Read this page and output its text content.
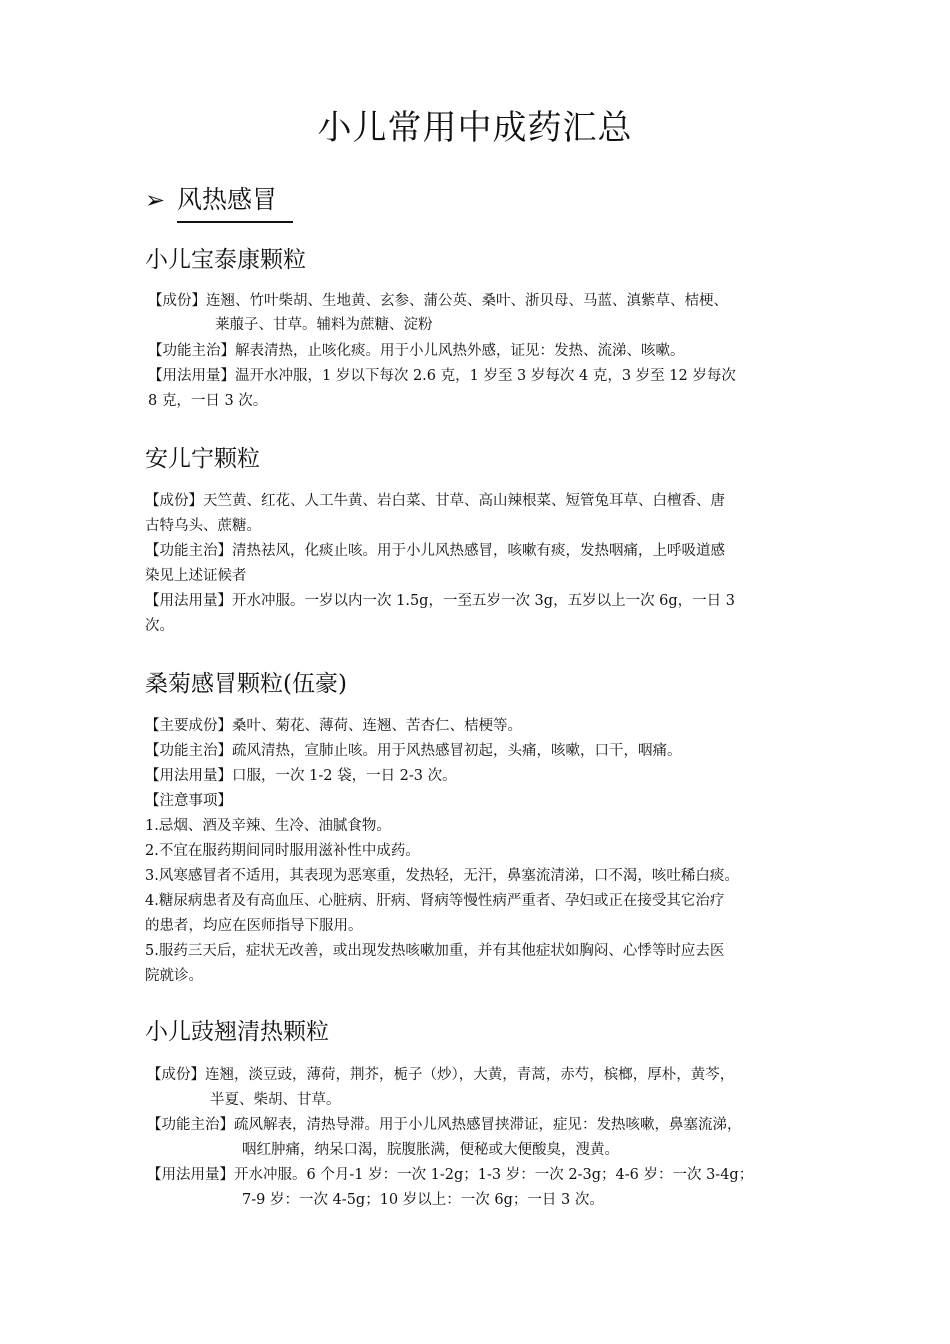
小儿常用中成药汇总
➢ 风热感冒
小儿宝泰康颗粒
【成份】连翘、竹叶柴胡、生地黄、玄参、蒲公英、桑叶、浙贝母、马蓝、滇紫草、桔梗、
莱菔子、甘草。辅料为蔗糖、淀粉
【功能主治】解表清热，止咳化痰。用于小儿风热外感，证见：发热、流涕、咳嗽。
【用法用量】温开水冲服，1 岁以下每次 2.6 克，1 岁至 3 岁每次 4 克，3 岁至 12 岁每次
8 克，一日 3 次。
安儿宁颗粒
【成份】天竺黄、红花、人工牛黄、岩白菜、甘草、高山辣根菜、短管兔耳草、白檀香、唐
古特乌头、蔗糖。
【功能主治】清热祛风，化痰止咳。用于小儿风热感冒，咳嗽有痰，发热咽痛，上呼吸道感
染见上述证候者
【用法用量】开水冲服。一岁以内一次 1.5g，一至五岁一次 3g，五岁以上一次 6g，一日 3
次。
桑菊感冒颗粒(伍豪)
【主要成份】桑叶、菊花、薄荷、连翘、苦杏仁、桔梗等。
【功能主治】疏风清热，宣肺止咳。用于风热感冒初起，头痛，咳嗽，口干，咽痛。
【用法用量】口服，一次 1-2 袋，一日 2-3 次。
【注意事项】
1.忌烟、酒及辛辣、生冷、油腻食物。
2.不宜在服药期间同时服用滋补性中成药。
3.风寒感冒者不适用，其表现为恶寒重，发热轻，无汗，鼻塞流清涕，口不渴，咳吐稀白痰。
4.糖尿病患者及有高血压、心脏病、肝病、肾病等慢性病严重者、孕妇或正在接受其它治疗
的患者，均应在医师指导下服用。
5.服药三天后，症状无改善，或出现发热咳嗽加重，并有其他症状如胸闷、心悸等时应去医
院就诊。
小儿豉翘清热颗粒
【成份】连翘，淡豆豉，薄荷，荆芥，栀子（炒），大黄，青蒿，赤芍，槟榔，厚朴，黄芩，
半夏、柴胡、甘草。
【功能主治】疏风解表，清热导滞。用于小儿风热感冒挟滞证，症见：发热咳嗽，鼻塞流涕，
咽红肿痛，纳呆口渴，脘腹胀满，便秘或大便酸臭，溲黄。
【用法用量】开水冲服。6 个月-1 岁：一次 1-2g；1-3 岁：一次 2-3g；4-6 岁：一次 3-4g；
7-9 岁：一次 4-5g；10 岁以上：一次 6g；一日 3 次。
